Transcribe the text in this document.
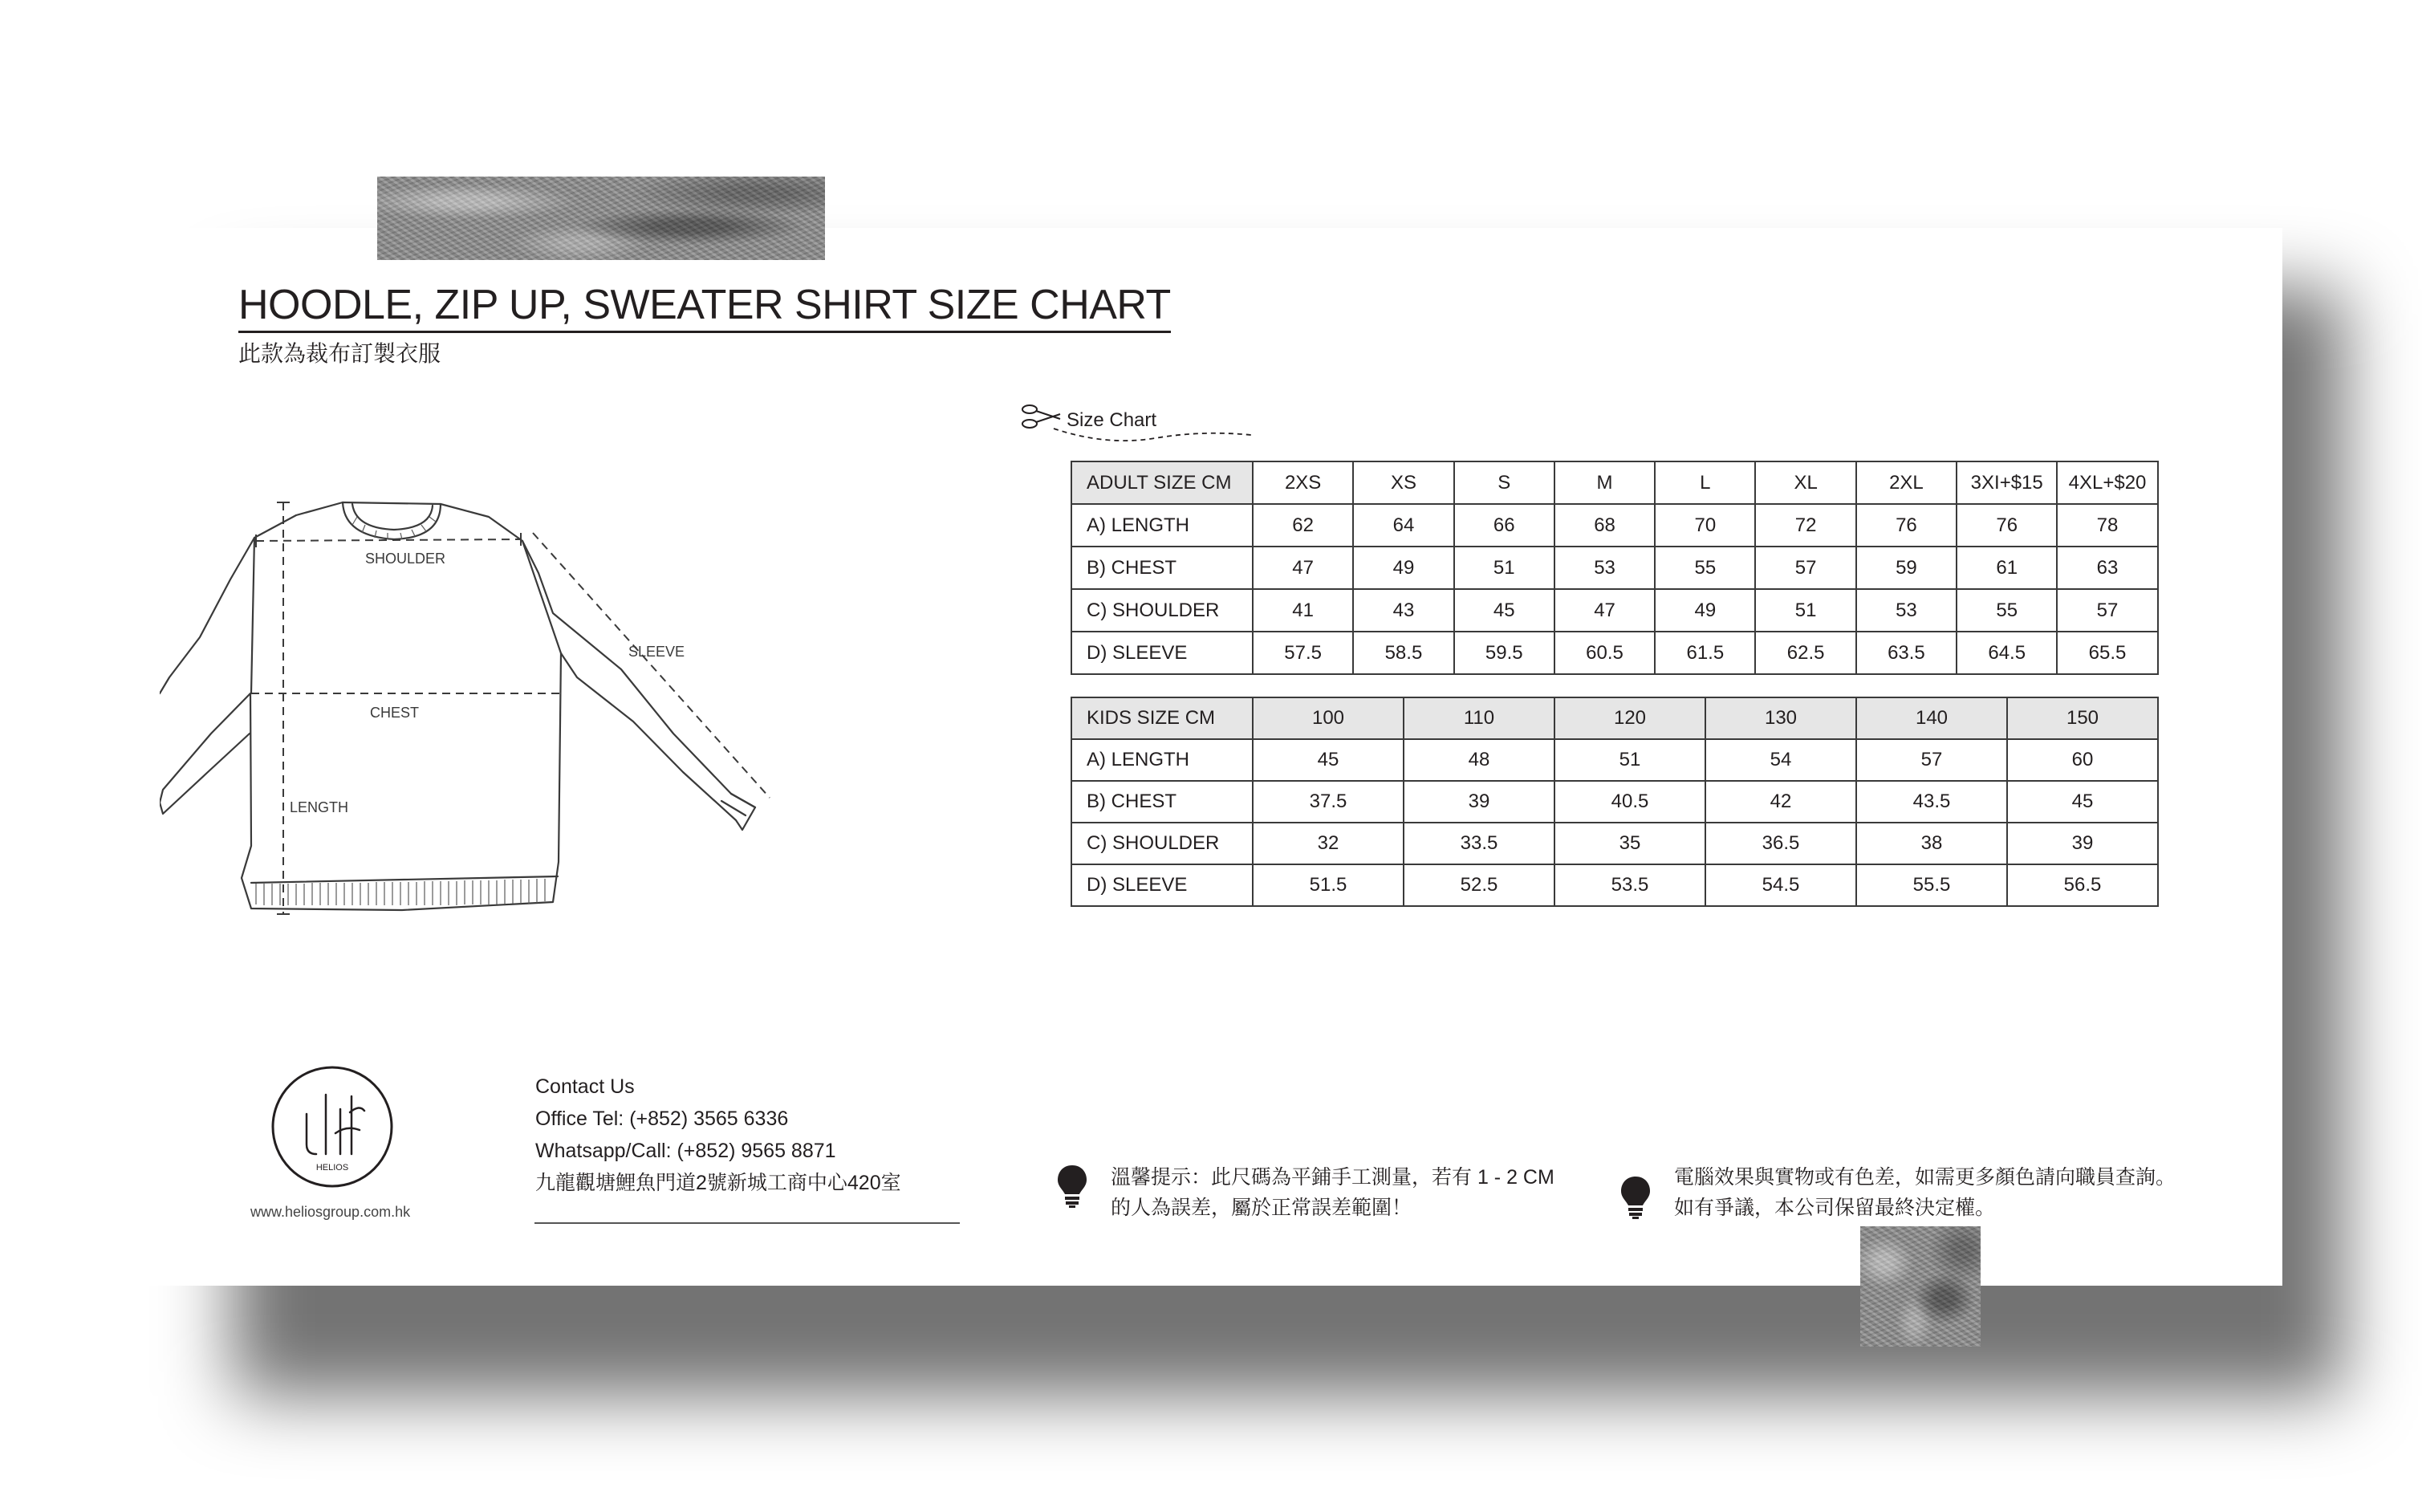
HOODLE, ZIP UP, SWEATER SHIRT SIZE CHART
此款為裁布訂製衣服
SHOULDER
SLEEVE
CHEST
LENGTH
Size Chart
ADULT SIZE CM	2XS	XS	S	M	L	XL	2XL	3XI+$15	4XL+$20
A) LENGTH	62	64	66	68	70	72	76	76	78
B) CHEST	47	49	51	53	55	57	59	61	63
C) SHOULDER	41	43	45	47	49	51	53	55	57
D) SLEEVE	57.5	58.5	59.5	60.5	61.5	62.5	63.5	64.5	65.5
KIDS SIZE CM	100	110	120	130	140	150
A) LENGTH	45	48	51	54	57	60
B) CHEST	37.5	39	40.5	42	43.5	45
C) SHOULDER	32	33.5	35	36.5	38	39
D) SLEEVE	51.5	52.5	53.5	54.5	55.5	56.5
HELIOS
www.heliosgroup.com.hk
Contact Us
Office Tel: (+852) 3565 6336
Whatsapp/Call: (+852) 9565 8871
九龍觀塘鯉魚門道2號新城工商中心420室	溫馨提示：此尺碼為平鋪手工測量，若有 1 - 2 CM
的人為誤差，屬於正常誤差範圍！
電腦效果與實物或有色差，如需更多顏色請向職員查詢。
如有爭議，本公司保留最終決定權。
